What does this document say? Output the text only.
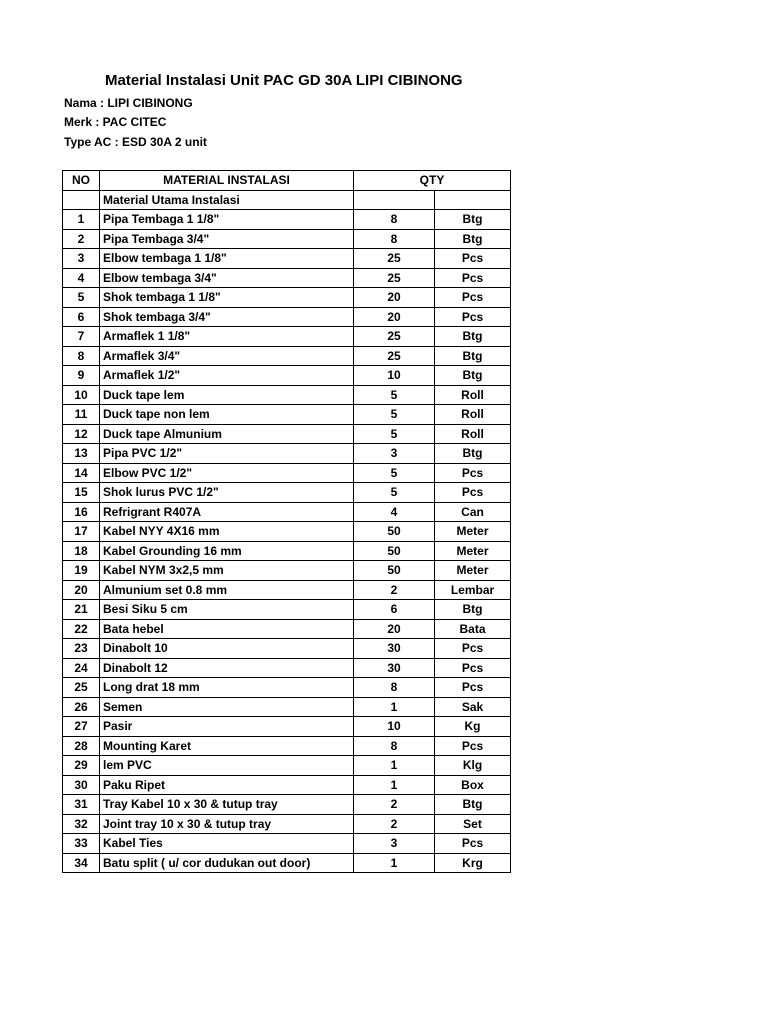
Material Instalasi Unit PAC GD 30A LIPI CIBINONG
Nama : LIPI CIBINONG
Merk : PAC CITEC
Type AC : ESD 30A 2 unit
NO	MATERIAL INSTALASI	QTY	
	Material Utama Instalasi		
1	Pipa Tembaga 1 1/8"	8	Btg
2	Pipa Tembaga 3/4"	8	Btg
3	Elbow tembaga 1 1/8"	25	Pcs
4	Elbow tembaga 3/4"	25	Pcs
5	Shok tembaga 1 1/8"	20	Pcs
6	Shok tembaga 3/4"	20	Pcs
7	Armaflek 1 1/8"	25	Btg
8	Armaflek 3/4"	25	Btg
9	Armaflek 1/2"	10	Btg
10	Duck tape lem	5	Roll
11	Duck tape non lem	5	Roll
12	Duck tape Almunium	5	Roll
13	Pipa PVC 1/2"	3	Btg
14	Elbow PVC 1/2"	5	Pcs
15	Shok lurus PVC 1/2"	5	Pcs
16	Refrigrant R407A	4	Can
17	Kabel NYY 4X16 mm	50	Meter
18	Kabel Grounding 16 mm	50	Meter
19	Kabel NYM 3x2,5 mm	50	Meter
20	Almunium set 0.8 mm	2	Lembar
21	Besi Siku 5 cm	6	Btg
22	Bata hebel	20	Bata
23	Dinabolt 10	30	Pcs
24	Dinabolt 12	30	Pcs
25	Long drat 18 mm	8	Pcs
26	Semen	1	Sak
27	Pasir	10	Kg
28	Mounting Karet	8	Pcs
29	lem PVC	1	Klg
30	Paku Ripet	1	Box
31	Tray Kabel 10 x 30 & tutup tray	2	Btg
32	Joint tray 10 x 30 & tutup tray	2	Set
33	Kabel Ties	3	Pcs
34	Batu split ( u/ cor dudukan out door)	1	Krg
